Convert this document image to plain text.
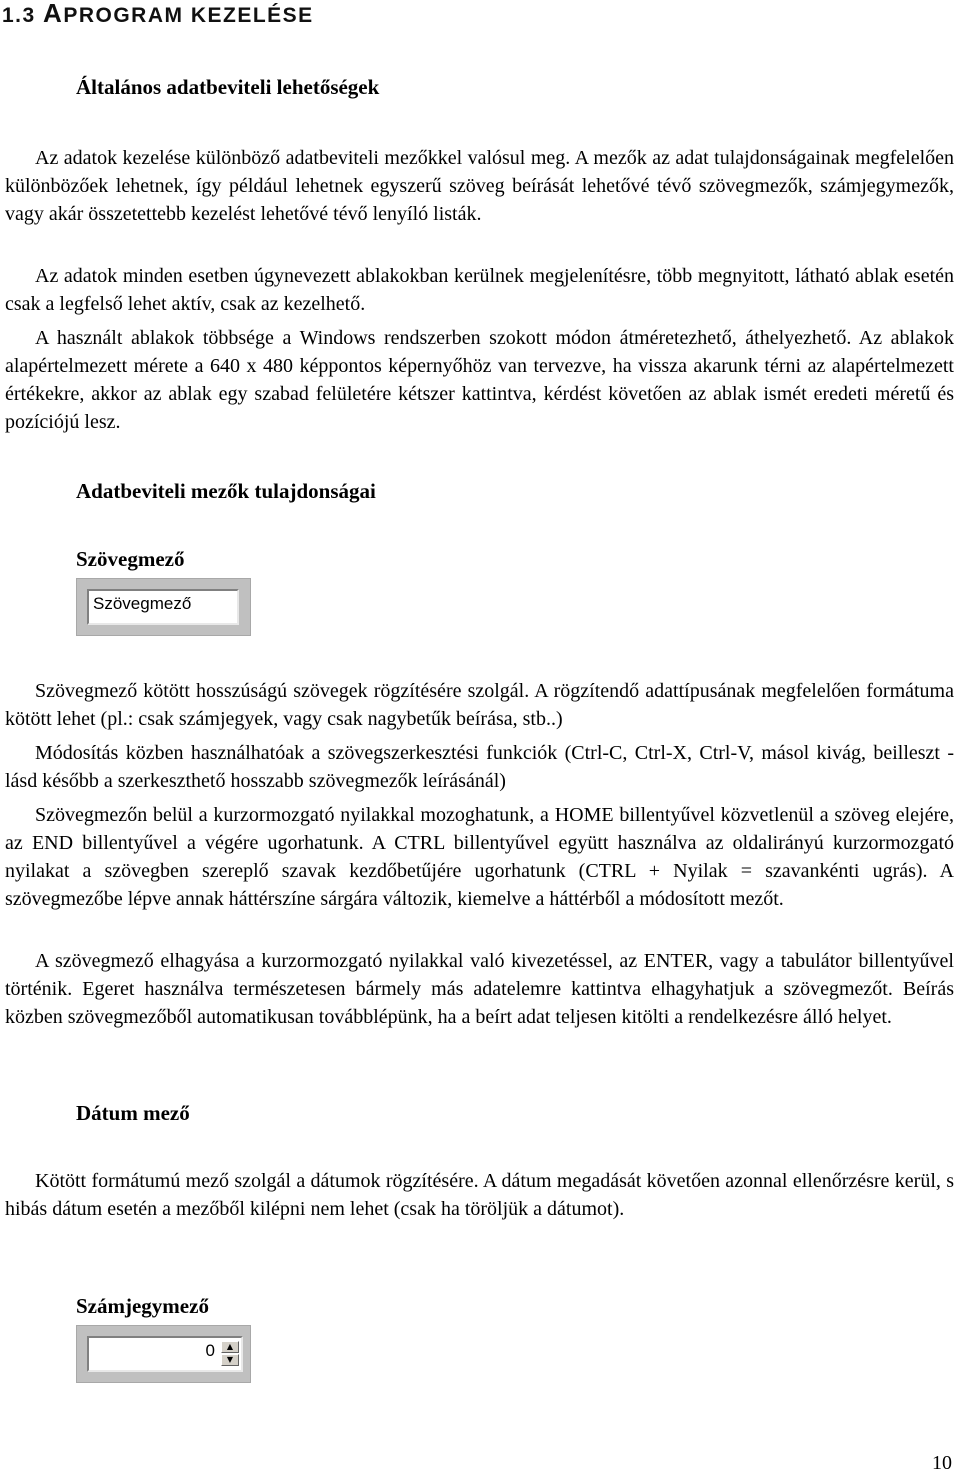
1.3 APROGRAM KEZELÉSE
Általános adatbeviteli lehetőségek
Az adatok kezelése különböző adatbeviteli mezőkkel valósul meg. A mezők az adat tulajdonságainak megfelelően különbözőek lehetnek, így például lehetnek egyszerű szöveg beírását lehetővé tévő szövegmezők, számjegymezők, vagy akár összetettebb kezelést lehetővé tévő lenyíló listák.
Az adatok minden esetben úgynevezett ablakokban kerülnek megjelenítésre, több megnyitott, látható ablak esetén csak a legfelső lehet aktív, csak az kezelhető.
A használt ablakok többsége a Windows rendszerben szokott módon átméretezhető, áthelyezhető. Az ablakok alapértelmezett mérete a 640 x 480 képpontos képernyőhöz van tervezve, ha vissza akarunk térni az alapértelmezett értékekre, akkor az ablak egy szabad felületére kétszer kattintva, kérdést követően az ablak ismét eredeti méretű és pozíciójú lesz.
Adatbeviteli mezők tulajdonságai
Szövegmező
Szövegmező
Szövegmező kötött hosszúságú szövegek rögzítésére szolgál. A rögzítendő adattípusának megfelelően formátuma kötött lehet (pl.: csak számjegyek, vagy csak nagybetűk beírása, stb..)
Módosítás közben használhatóak a szövegszerkesztési funkciók (Ctrl-C, Ctrl-X, Ctrl-V, másol kivág, beilleszt - lásd később a szerkeszthető hosszabb szövegmezők leírásánál)
Szövegmezőn belül a kurzormozgató nyilakkal mozoghatunk, a HOME billentyűvel közvetlenül a szöveg elejére, az END billentyűvel a végére ugorhatunk. A CTRL billentyűvel együtt használva az oldalirányú kurzormozgató nyilakat a szövegben szereplő szavak kezdőbetűjére ugorhatunk (CTRL + Nyilak = szavankénti ugrás). A szövegmezőbe lépve annak háttérszíne sárgára változik, kiemelve a háttérből a módosított mezőt.
A szövegmező elhagyása a kurzormozgató nyilakkal való kivezetéssel, az ENTER, vagy a tabulátor billentyűvel történik. Egeret használva természetesen bármely más adatelemre kattintva elhagyhatjuk a szövegmezőt. Beírás közben szövegmezőből automatikusan továbblépünk, ha a beírt adat teljesen kitölti a rendelkezésre álló helyet.
Dátum mező
Kötött formátumú mező szolgál a dátumok rögzítésére. A dátum megadását követően azonnal ellenőrzésre kerül, s hibás dátum esetén a mezőből kilépni nem lehet (csak ha töröljük a dátumot).
Számjegymező
0	▲
▼
10
